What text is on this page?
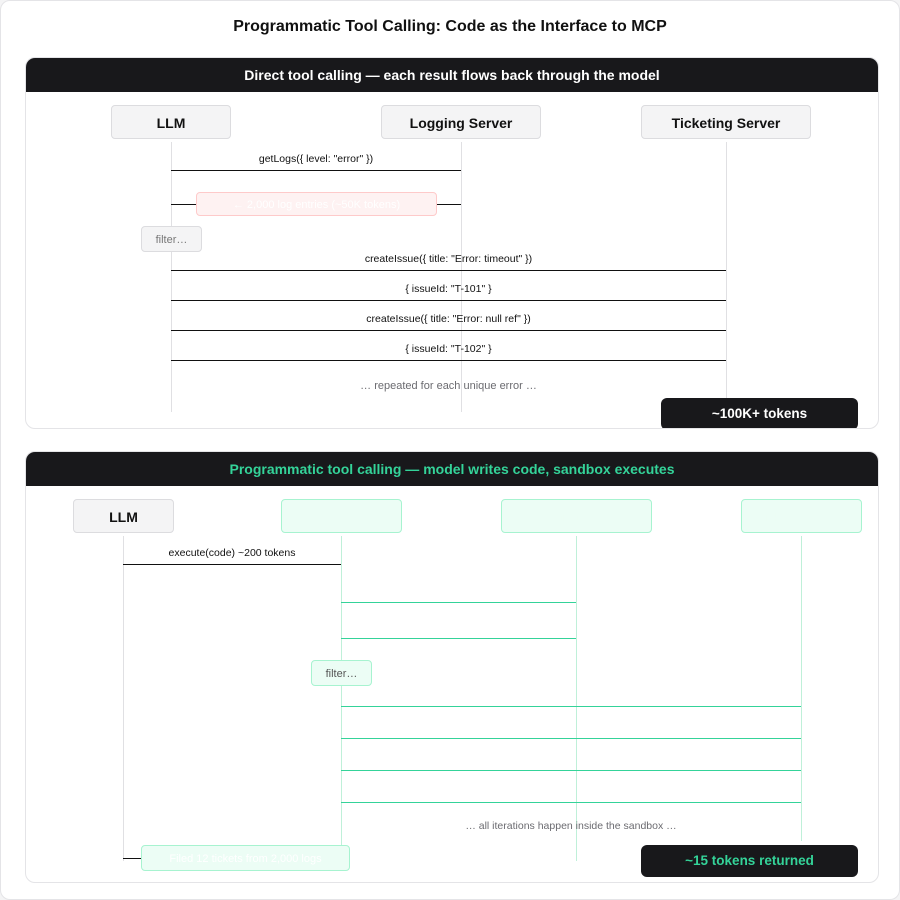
Programmatic Tool Calling: Code as the Interface to MCP
Direct tool calling — each result flows back through the model
LLM	Logging Server	Ticketing Server
getLogs({ level: "error" })
← 2,000 log entries (~50K tokens)
filter…
createIssue({ title: "Error: timeout" })
{ issueId: "T-101" }
createIssue({ title: "Error: null ref" })
{ issueId: "T-102" }
… repeated for each unique error …
~100K+ tokens
Programmatic tool calling — model writes code, sandbox executes
LLM	Sandbox	Logging Server	Ticketing Server
execute(code) ~200 tokens
filter…
… all iterations happen inside the sandbox …
Filed 12 tickets from 2,000 logs	~15 tokens returned
